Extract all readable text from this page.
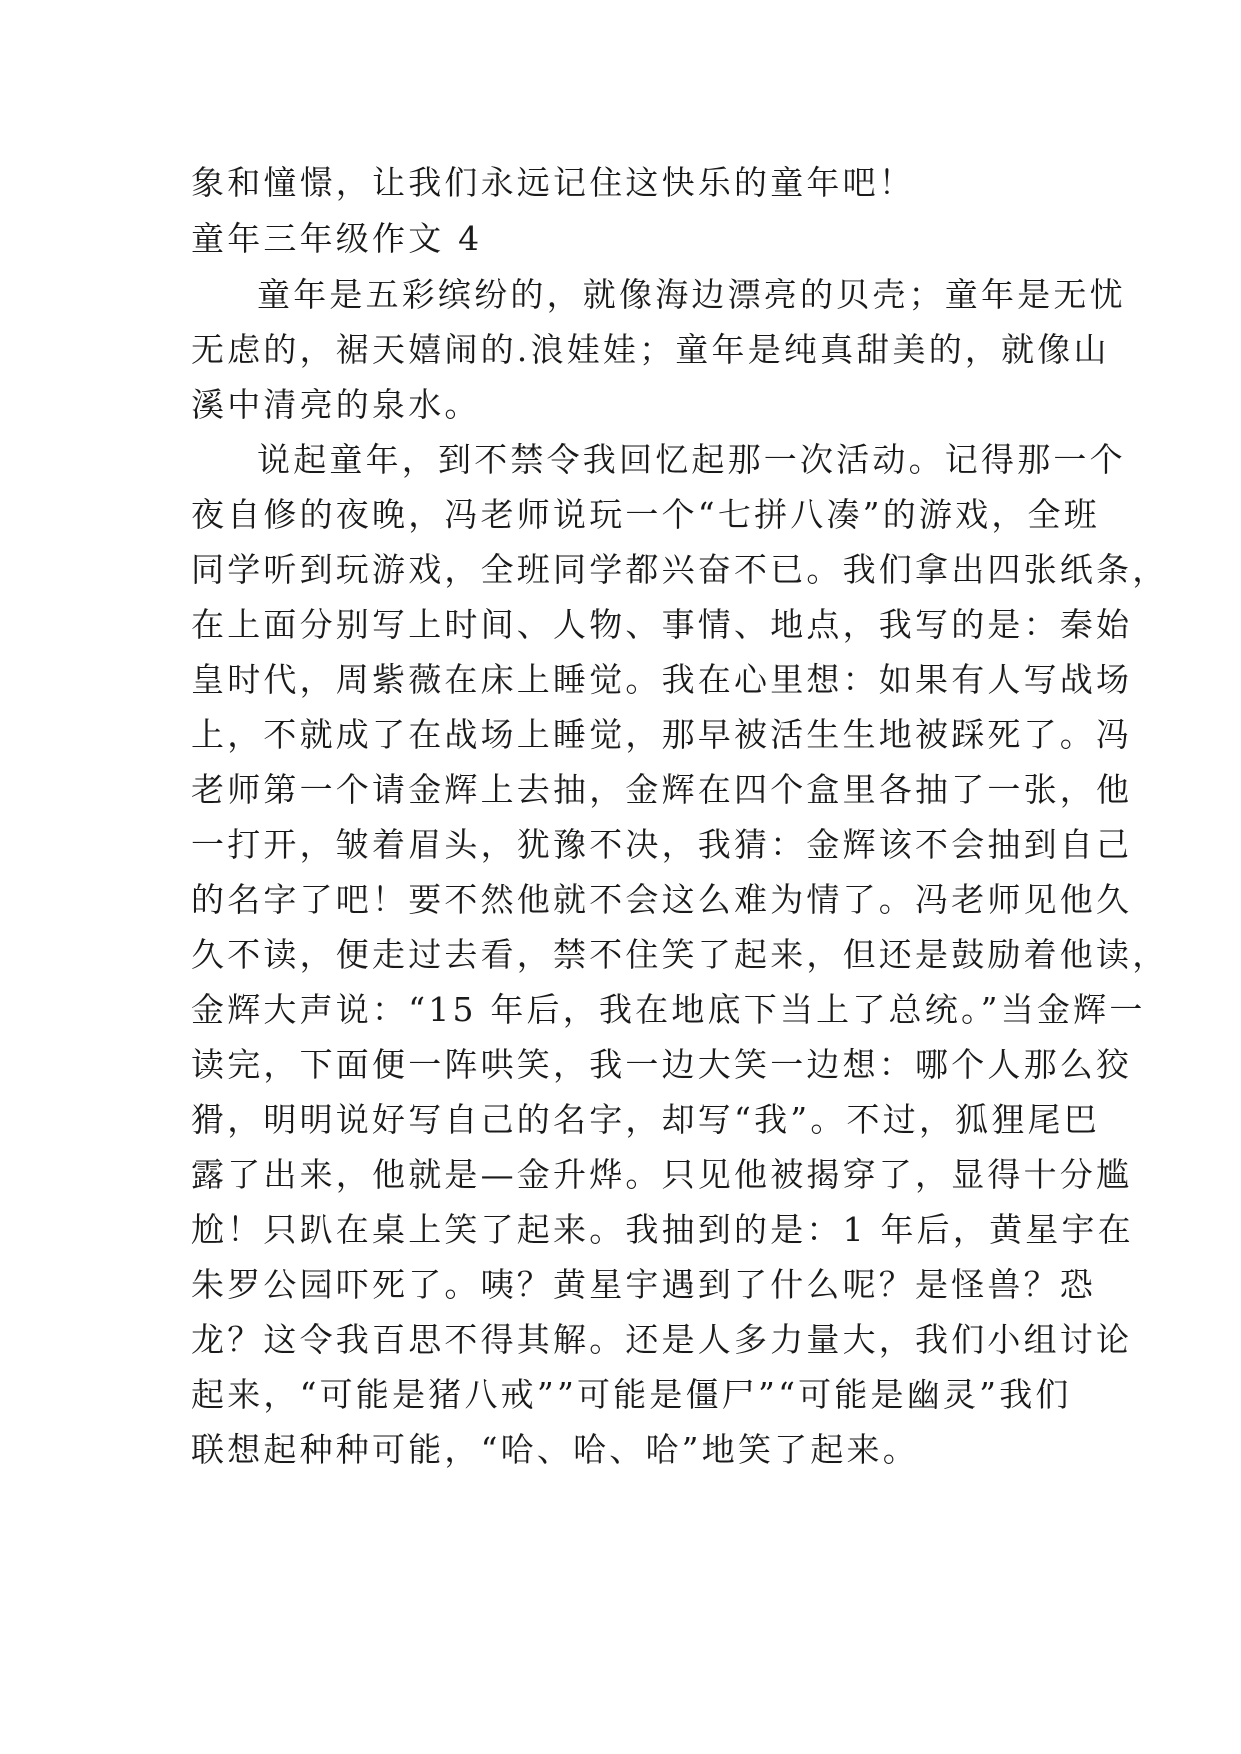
象和憧憬，让我们永远记住这快乐的童年吧！
童年三年级作文 4
童年是五彩缤纷的，就像海边漂亮的贝壳；童年是无忧
无虑的，裾天嬉闹的.浪娃娃；童年是纯真甜美的，就像山
溪中清亮的泉水。
说起童年，到不禁令我回忆起那一次活动。记得那一个
夜自修的夜晚，冯老师说玩一个“七拼八凑”的游戏，全班
同学听到玩游戏，全班同学都兴奋不已。我们拿出四张纸条，
在上面分别写上时间、人物、事情、地点，我写的是：秦始
皇时代，周紫薇在床上睡觉。我在心里想：如果有人写战场
上，不就成了在战场上睡觉，那早被活生生地被踩死了。冯
老师第一个请金辉上去抽，金辉在四个盒里各抽了一张，他
一打开，皱着眉头，犹豫不决，我猜：金辉该不会抽到自己
的名字了吧！要不然他就不会这么难为情了。冯老师见他久
久不读，便走过去看，禁不住笑了起来，但还是鼓励着他读，
金辉大声说：“15 年后，我在地底下当上了总统。”当金辉一
读完，下面便一阵哄笑，我一边大笑一边想：哪个人那么狡
猾，明明说好写自己的名字，却写“我”。不过，狐狸尾巴
露了出来，他就是—金升烨。只见他被揭穿了，显得十分尴
尬！只趴在桌上笑了起来。我抽到的是：1 年后，黄星宇在
朱罗公园吓死了。咦？黄星宇遇到了什么呢？是怪兽？恐
龙？这令我百思不得其解。还是人多力量大，我们小组讨论
起来，“可能是猪八戒””可能是僵尸”“可能是幽灵”我们
联想起种种可能，“哈、哈、哈”地笑了起来。
